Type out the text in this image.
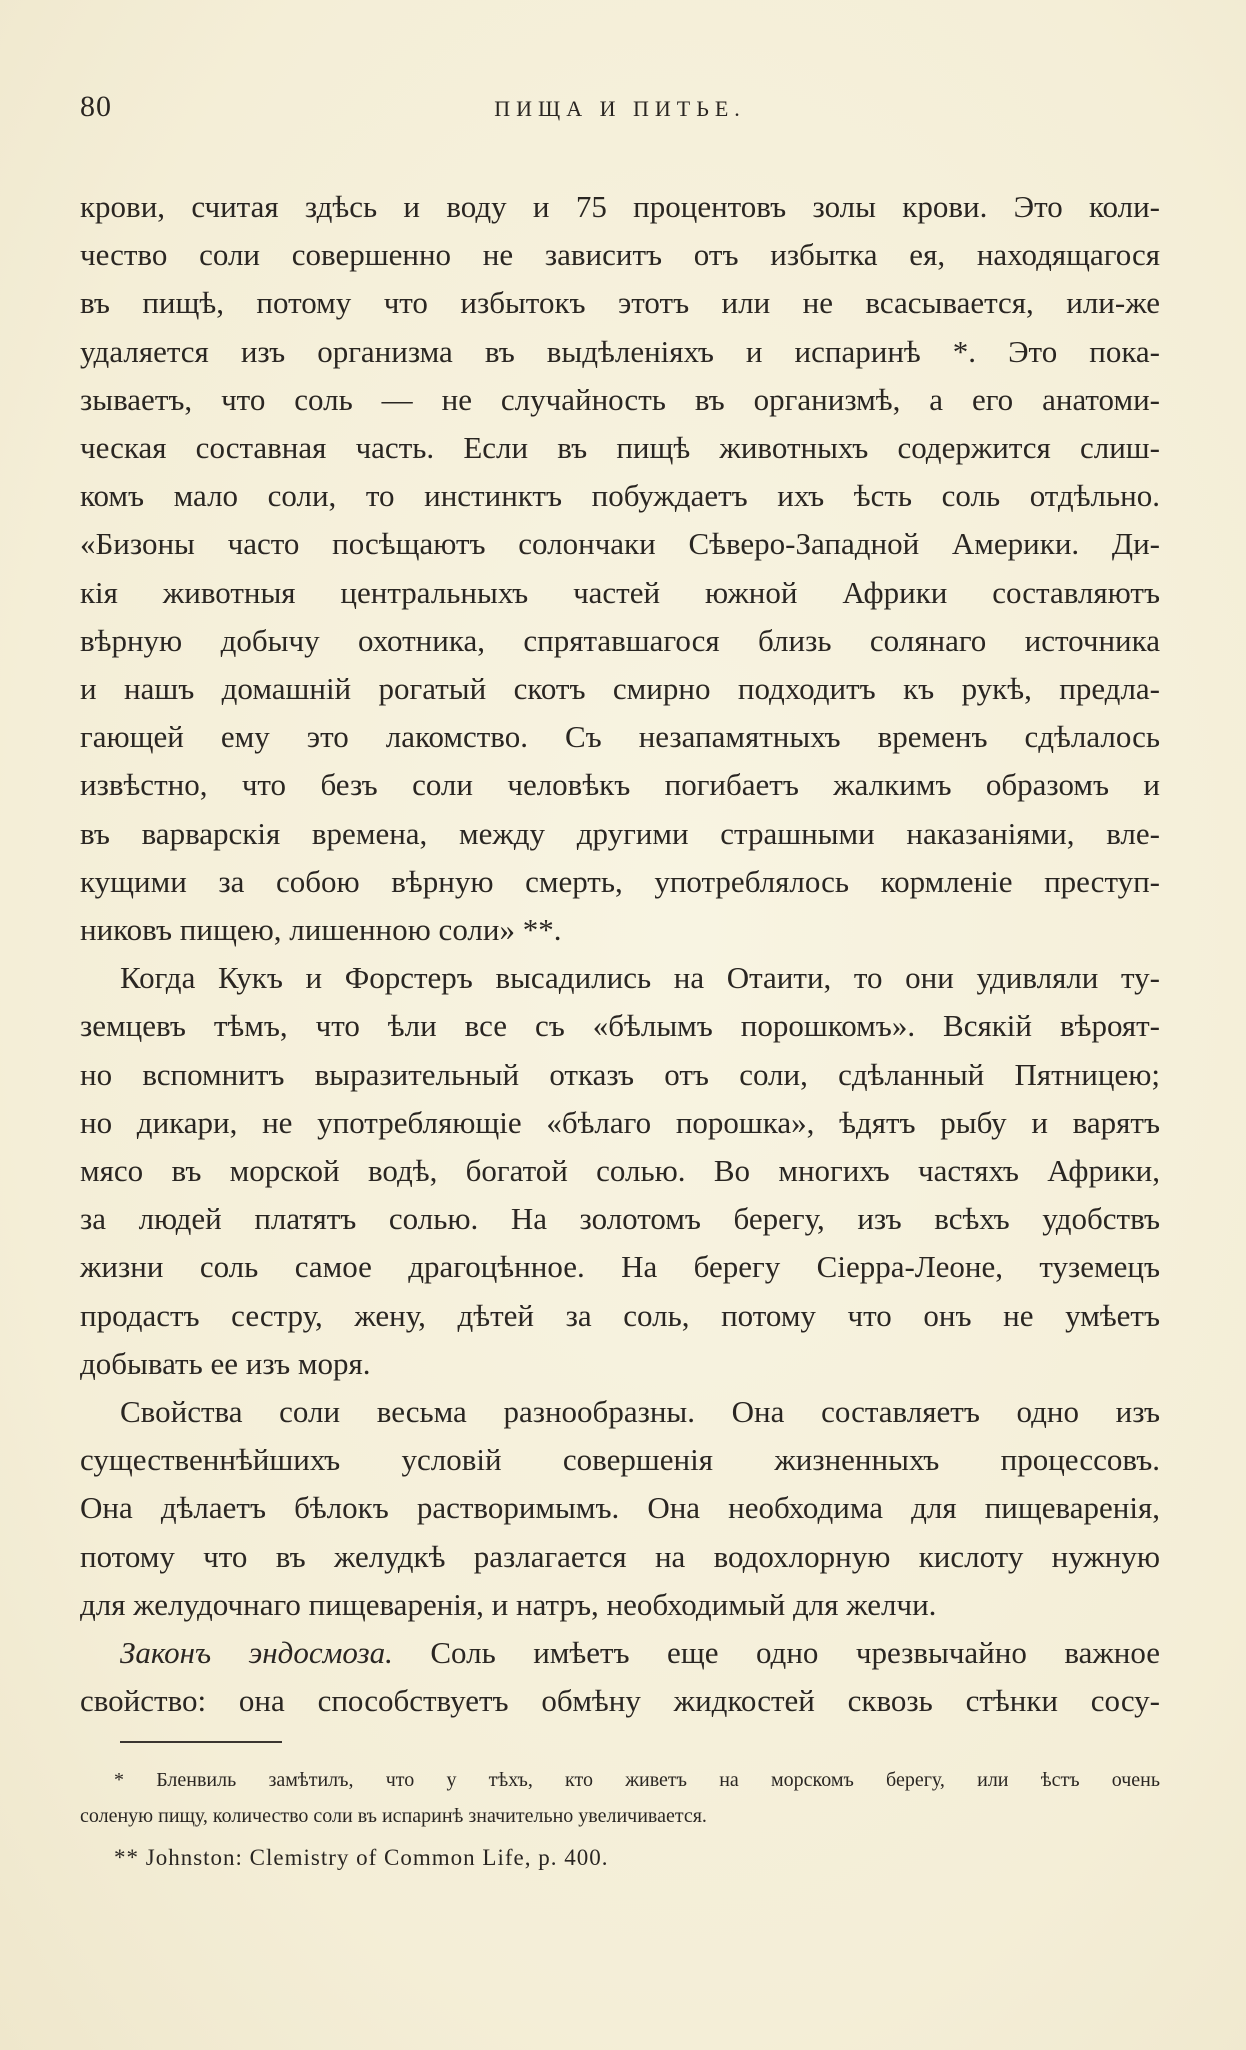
80	ПИЩА И ПИТЬЕ.
крови, считая здѣсь и воду и 75 процентовъ золы крови. Это коли-
чество соли совершенно не зависитъ отъ избытка ея, находящагося
въ пищѣ, потому что избытокъ этотъ или не всасывается, или-же
удаляется изъ организма въ выдѣленіяхъ и испаринѣ *. Это пока-
зываетъ, что соль — не случайность въ организмѣ, а его анатоми-
ческая составная часть. Если въ пищѣ животныхъ содержится слиш-
комъ мало соли, то инстинктъ побуждаетъ ихъ ѣсть соль отдѣльно.
«Бизоны часто посѣщаютъ солончаки Сѣверо-Западной Америки. Ди-
кія животныя центральныхъ частей южной Африки составляютъ
вѣрную добычу охотника, спрятавшагося близь солянаго источника
и нашъ домашній рогатый скотъ смирно подходитъ къ рукѣ, предла-
гающей ему это лакомство. Съ незапамятныхъ временъ сдѣлалось
извѣстно, что безъ соли человѣкъ погибаетъ жалкимъ образомъ и
въ варварскія времена, между другими страшными наказаніями, вле-
кущими за собою вѣрную смерть, употреблялось кормленіе преступ-
никовъ пищею, лишенною соли» **.
Когда Кукъ и Форстеръ высадились на Отаити, то они удивляли ту-
земцевъ тѣмъ, что ѣли все съ «бѣлымъ порошкомъ». Всякій вѣроят-
но вспомнитъ выразительный отказъ отъ соли, сдѣланный Пятницею;
но дикари, не употребляющіе «бѣлаго порошка», ѣдятъ рыбу и варятъ
мясо въ морской водѣ, богатой солью. Во многихъ частяхъ Африки,
за людей платятъ солью. На золотомъ берегу, изъ всѣхъ удобствъ
жизни соль самое драгоцѣнное. На берегу Сіерра-Леоне, туземецъ
продастъ сестру, жену, дѣтей за соль, потому что онъ не умѣетъ
добывать ее изъ моря.
Свойства соли весьма разнообразны. Она составляетъ одно изъ
существеннѣйшихъ условій совершенія жизненныхъ процессовъ.
Она дѣлаетъ бѣлокъ растворимымъ. Она необходима для пищеваренія,
потому что въ желудкѣ разлагается на водохлорную кислоту нужную
для желудочнаго пищеваренія, и натръ, необходимый для желчи.
Законъ эндосмоза. Соль имѣетъ еще одно чрезвычайно важное
свойство: она способствуетъ обмѣну жидкостей сквозь стѣнки сосу-
* Бленвиль замѣтилъ, что у тѣхъ, кто живетъ на морскомъ берегу, или ѣстъ очень
соленую пищу, количество соли въ испаринѣ значительно увеличивается.
** Johnston: Clemistry of Common Life, p. 400.
